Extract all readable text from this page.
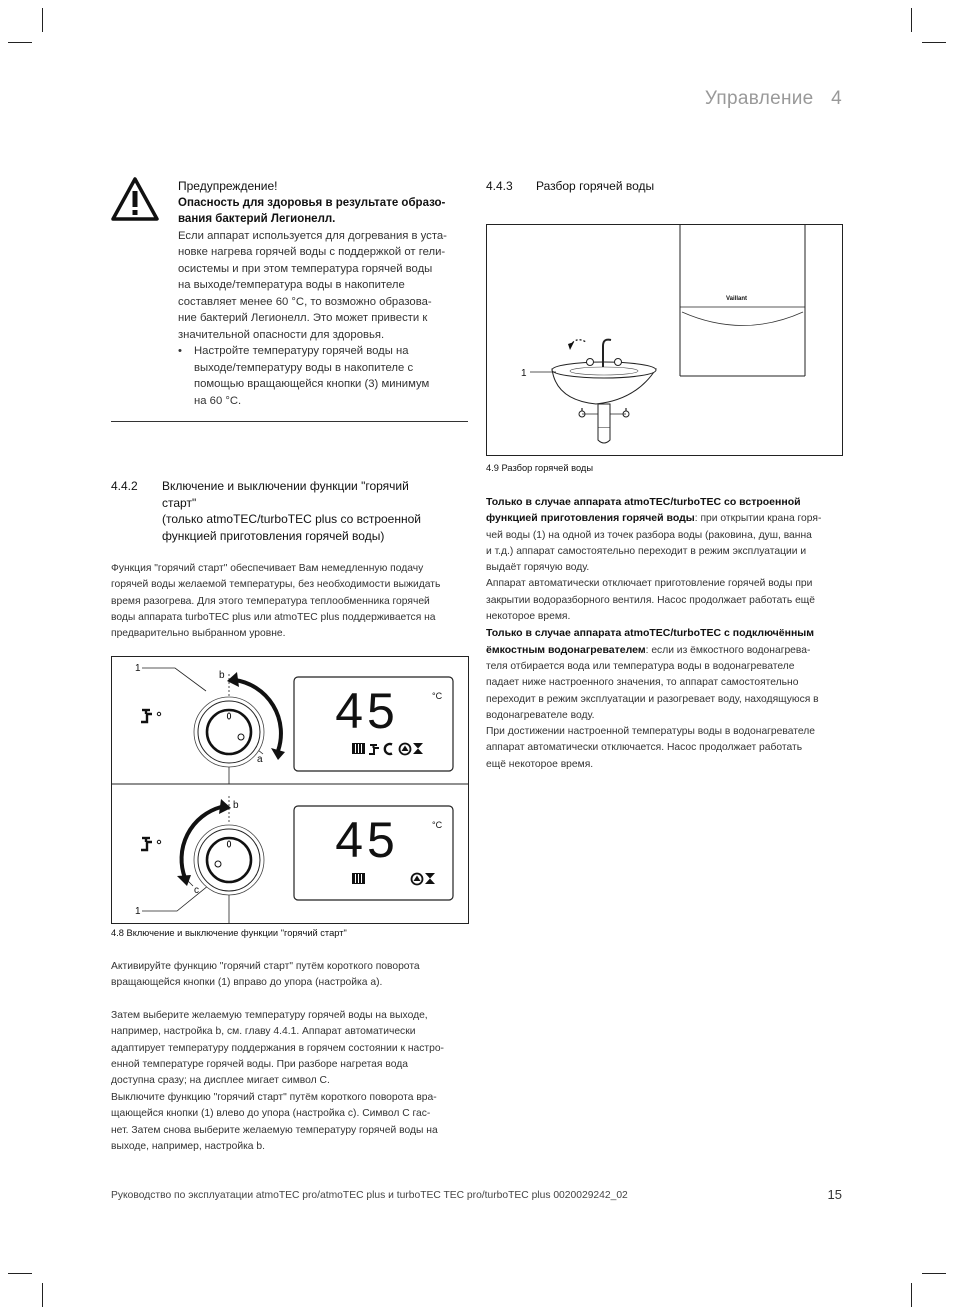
Управление 4
Предупреждение!
Опасность для здоровья в результате образо-
вания бактерий Легионелл.
Если аппарат используется для догревания в уста-
новке нагрева горячей воды с поддержкой от гели-
осистемы и при этом температура горячей воды
на выходе/температура воды в накопителе
составляет менее 60 °С, то возможно образова-
ние бактерий Легионелл. Это может привести к
значительной опасности для здоровья.
•	Настройте температуру горячей воды на
выходе/температуру воды в накопителе с
помощью вращающейся кнопки (3) минимум
на 60 °С.
4.4.2 Включение и выключении функции "горячий
старт"
(только atmoTEC/turboTEC plus со встроенной
функцией приготовления горячей воды)

Функция "горячий старт" обеспечивает Вам немедленную подачу

горячей воды желаемой температуры, без необходимости выжидать

время разогрева. Для этого температура теплообменника горячей

воды аппарата turboTEC plus или atmoTEC plus поддерживается на

предварительно выбранном уровне.

1
b
a
45	°C
b
c
1
45	°C
4.8 Включение и выключение функции "горячий старт"

Активируйте функцию "горячий старт" путём короткого поворота

вращающейся кнопки (1) вправо до упора (настройка a).

Затем выберите желаемую температуру горячей воды на выходе,

например, настройка b, см. главу 4.4.1. Аппарат автоматически

адаптирует температуру поддержания в горячем состоянии к настро-

енной температуре горячей воды. При разборе нагретая вода

доступна сразу; на дисплее мигает символ C.

Выключите функцию "горячий старт" путём короткого поворота вра-

щающейся кнопки (1) влево до упора (настройка c). Символ C гас-

нет. Затем снова выберите желаемую температуру горячей воды на

выходе, например, настройка b.

4.4.3 Разбор горячей воды
Vaillant
1
4.9 Разбор горячей воды

Только в случае аппарата atmoTEC/turboTEC со встроенной

функцией приготовления горячей воды: при открытии крана горя-

чей воды (1) на одной из точек разбора воды (раковина, душ, ванна

и т.д.) аппарат самостоятельно переходит в режим эксплуатации и

выдаёт горячую воду.

Аппарат автоматически отключает приготовление горячей воды при

закрытии водоразборного вентиля. Насос продолжает работать ещё

некоторое время.

Только в случае аппарата atmoTEC/turboTEC с подключённым

ёмкостным водонагревателем: если из ёмкостного водонагрева-

теля отбирается вода или температура воды в водонагревателе

падает ниже настроенного значения, то аппарат самостоятельно

переходит в режим эксплуатации и разогревает воду, находящуюся в

водонагревателе воду.

При достижении настроенной температуры воды в водонагревателе

аппарат автоматически отключается. Насос продолжает работать

ещё некоторое время.

Руководство по эксплуатации atmoTEC pro/atmoTEC plus и turboTEC TEC pro/turboTEC plus 0020029242_02	15
